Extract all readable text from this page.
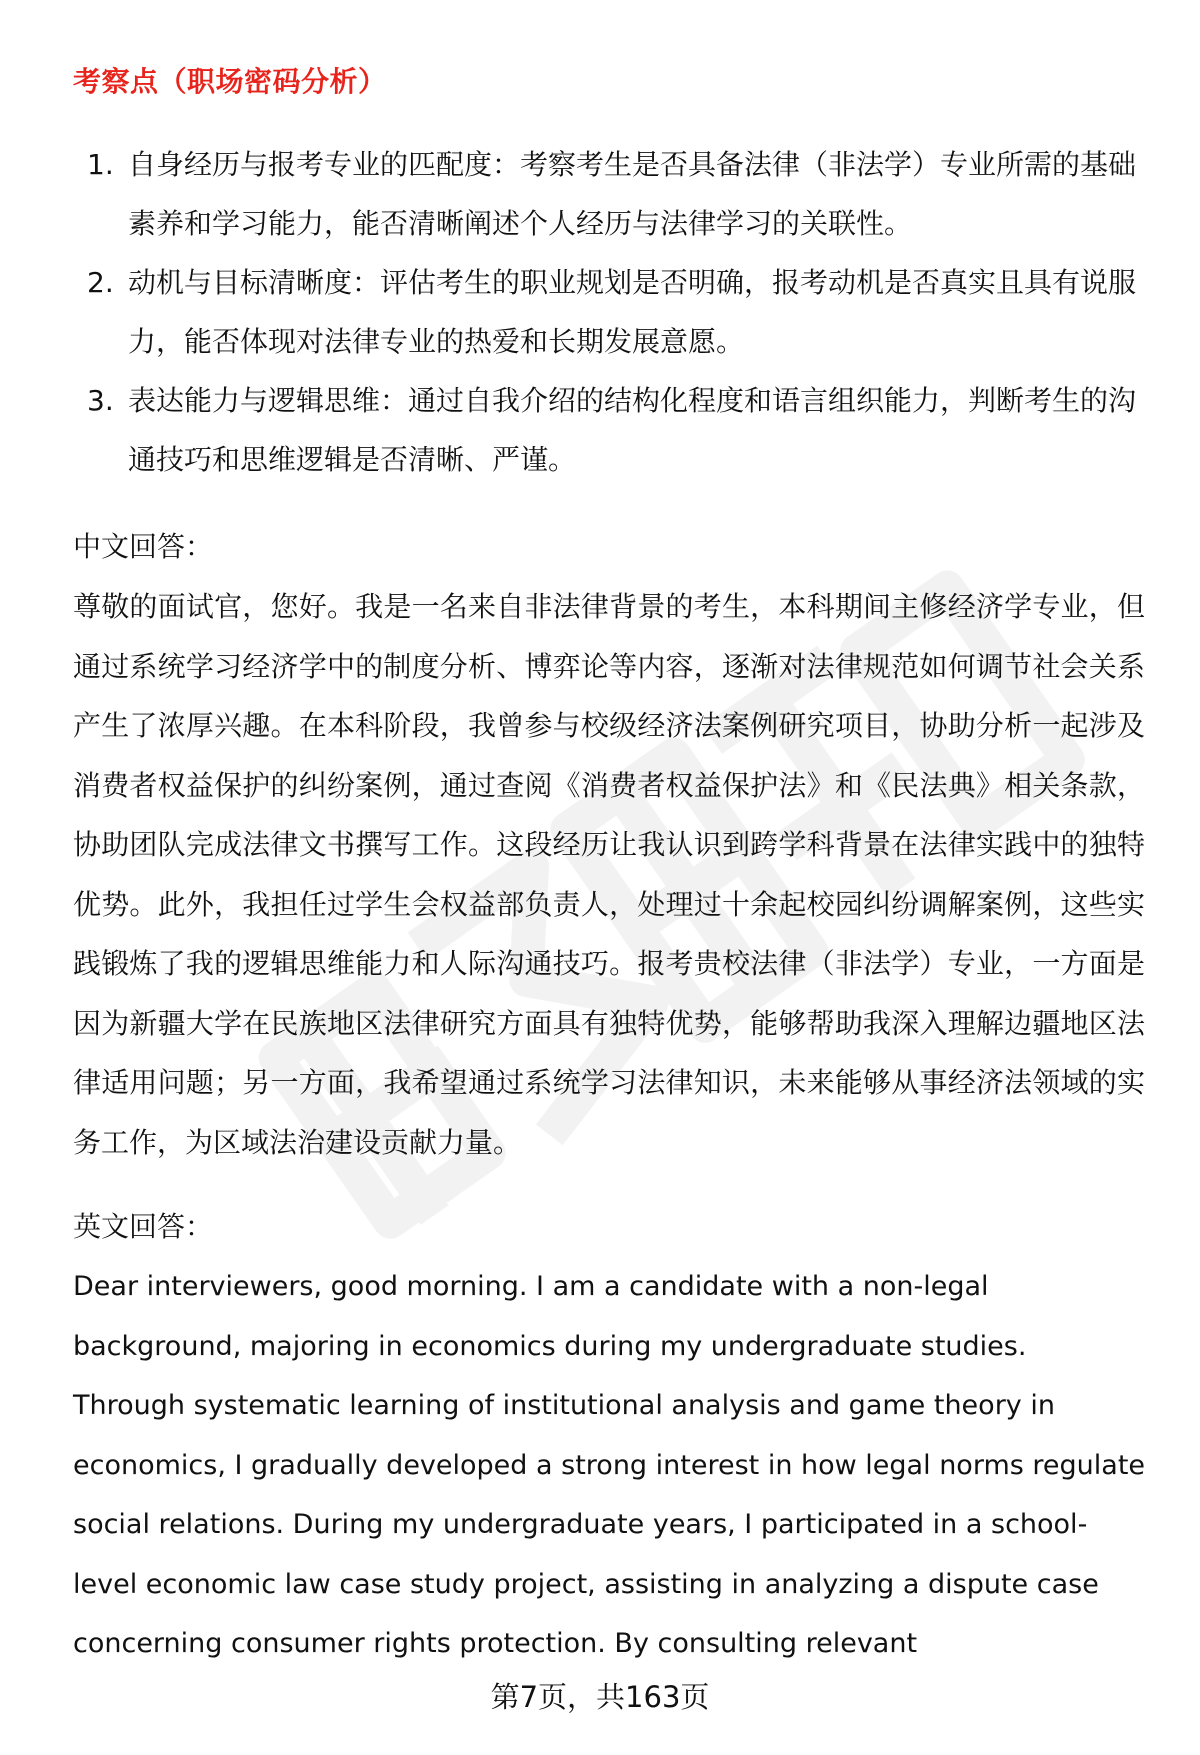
考察点（职场密码分析）
1. 自身经历与报考专业的匹配度：考察考生是否具备法律（非法学）专业所需的基础素养和学习能力，能否清晰阐述个人经历与法律学习的关联性。
2. 动机与目标清晰度：评估考生的职业规划是否明确，报考动机是否真实且具有说服力，能否体现对法律专业的热爱和长期发展意愿。
3. 表达能力与逻辑思维：通过自我介绍的结构化程度和语言组织能力，判断考生的沟通技巧和思维逻辑是否清晰、严谨。
中文回答：
尊敬的面试官，您好。我是一名来自非法律背景的考生，本科期间主修经济学专业，但通过系统学习经济学中的制度分析、博弈论等内容，逐渐对法律规范如何调节社会关系产生了浓厚兴趣。在本科阶段，我曾参与校级经济法案例研究项目，协助分析一起涉及消费者权益保护的纠纷案例，通过查阅《消费者权益保护法》和《民法典》相关条款，协助团队完成法律文书撰写工作。这段经历让我认识到跨学科背景在法律实践中的独特优势。此外，我担任过学生会权益部负责人，处理过十余起校园纠纷调解案例，这些实践锻炼了我的逻辑思维能力和人际沟通技巧。报考贵校法律（非法学）专业，一方面是因为新疆大学在民族地区法律研究方面具有独特优势，能够帮助我深入理解边疆地区法律适用问题；另一方面，我希望通过系统学习法律知识，未来能够从事经济法领域的实务工作，为区域法治建设贡献力量。
英文回答：
Dear interviewers, good morning. I am a candidate with a non-legal background, majoring in economics during my undergraduate studies. Through systematic learning of institutional analysis and game theory in economics, I gradually developed a strong interest in how legal norms regulate social relations. During my undergraduate years, I participated in a school-level economic law case study project, assisting in analyzing a dispute case concerning consumer rights protection. By consulting relevant
第7页，共163页
